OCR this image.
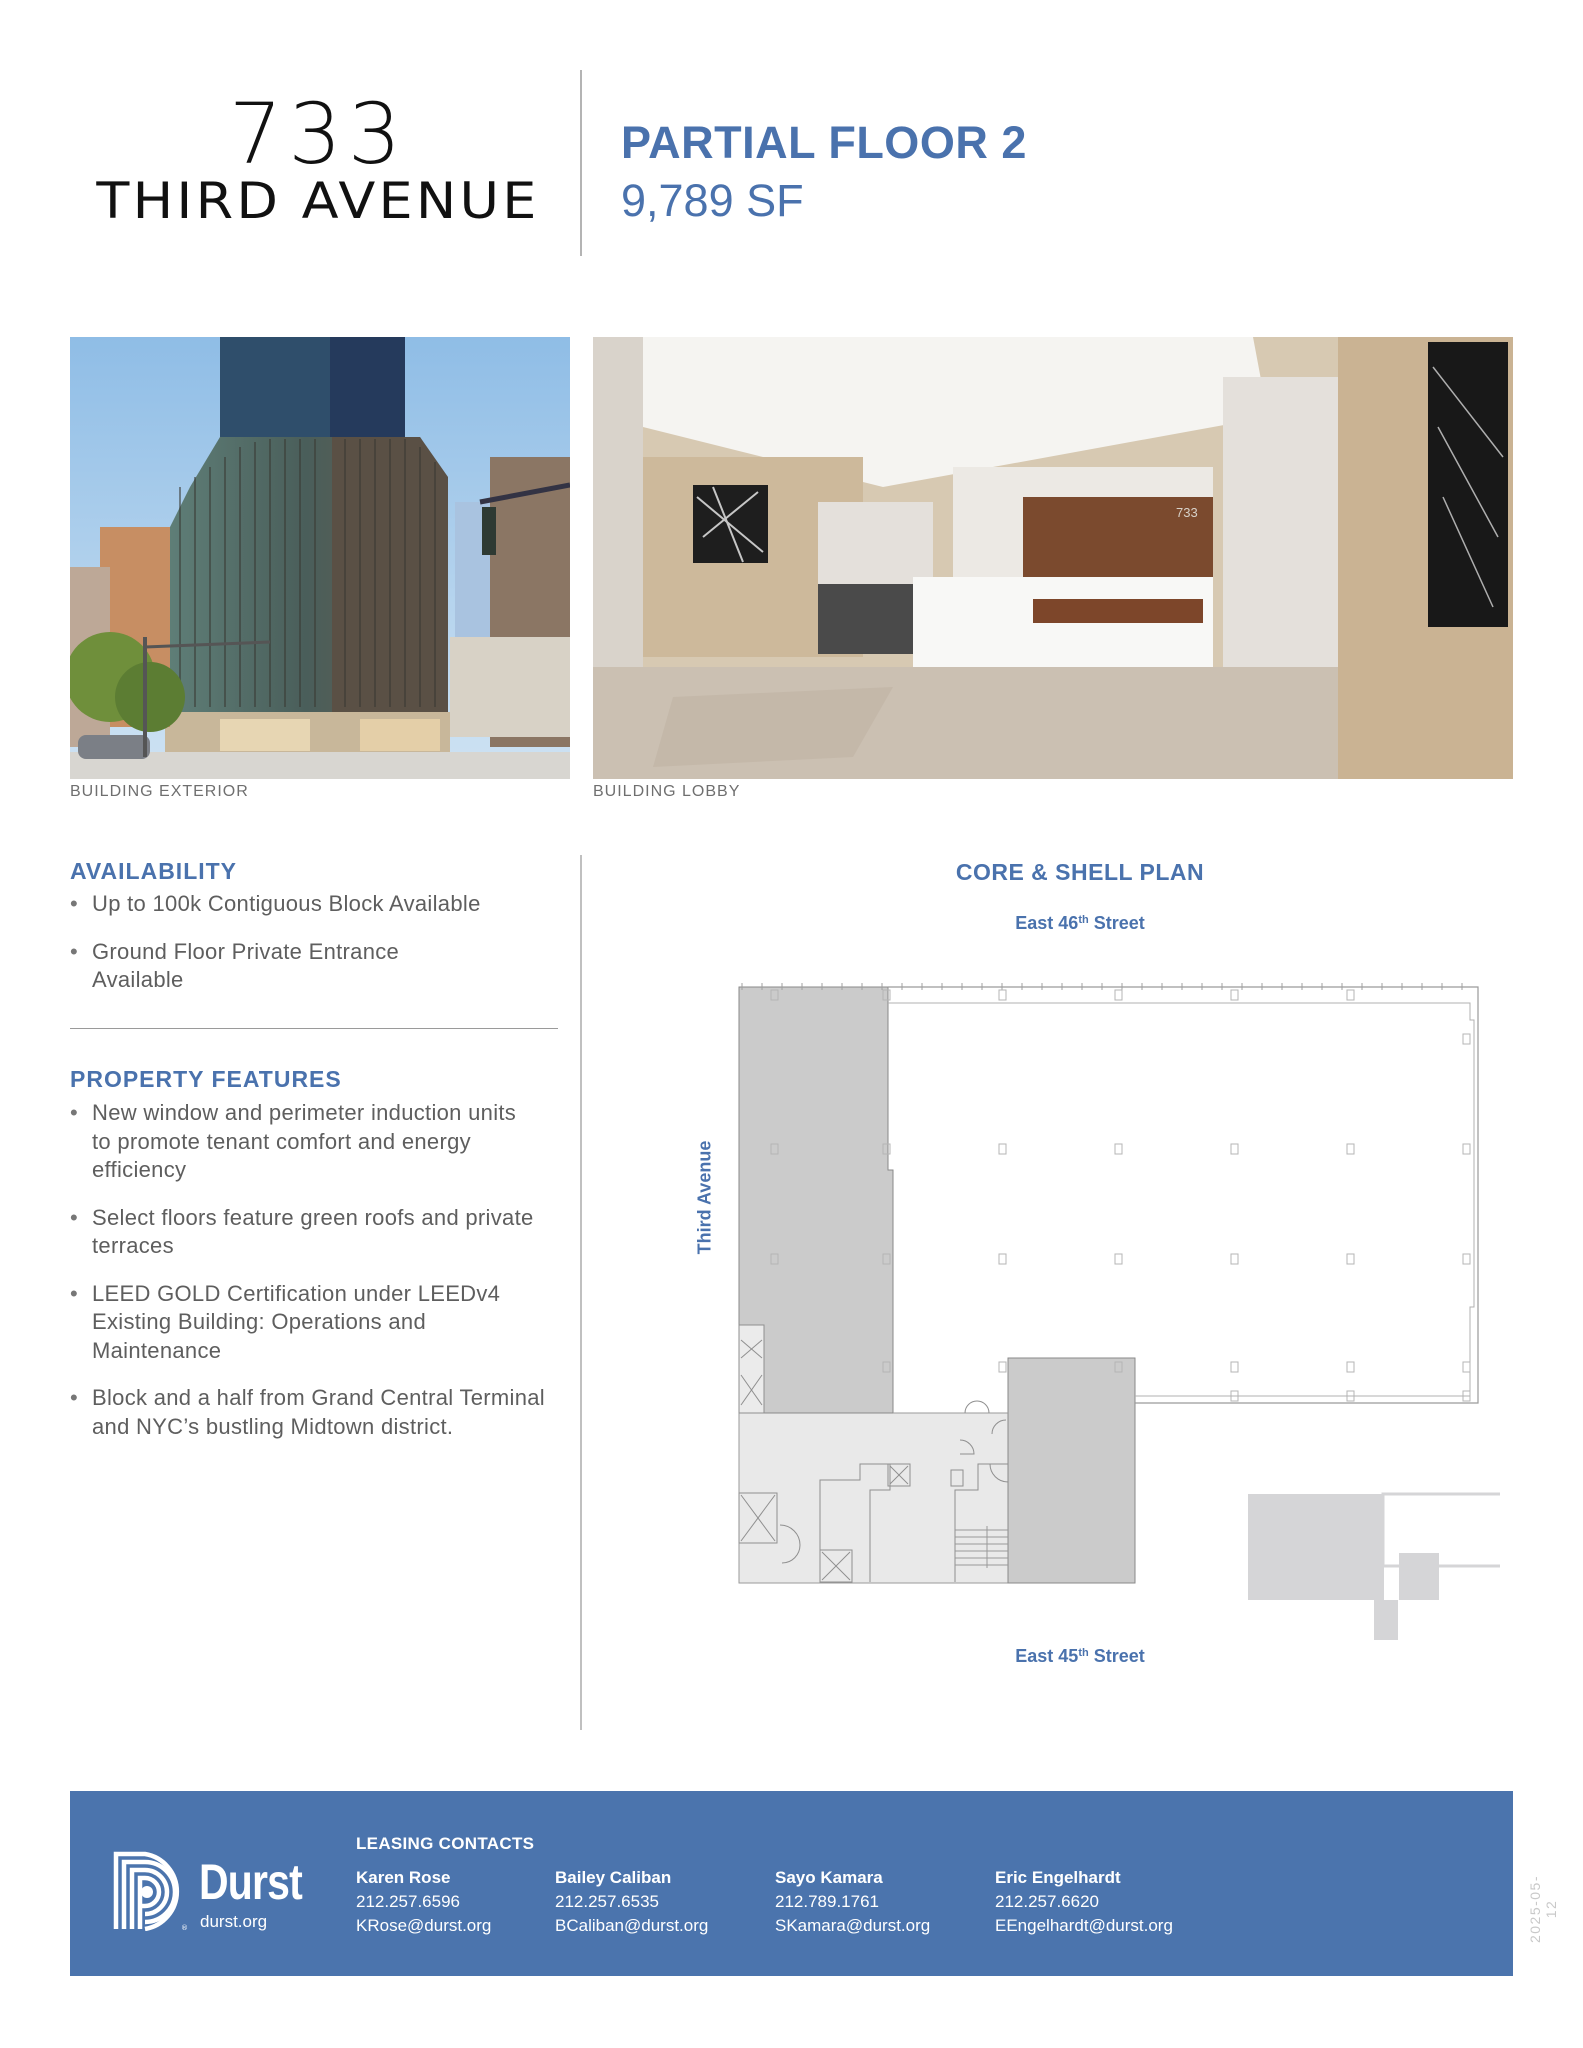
733
THIRD AVENUE
PARTIAL FLOOR 2
9,789 SF
BUILDING EXTERIOR
733
BUILDING LOBBY
AVAILABILITY
• Up to 100k Contiguous Block Available
• Ground Floor Private Entrance Available
PROPERTY FEATURES
• New window and perimeter induction units to promote tenant comfort and energy efficiency
• Select floors feature green roofs and private terraces
• LEED GOLD Certification under LEEDv4 Existing Building: Operations and Maintenance
• Block and a half from Grand Central Terminal and NYC’s bustling Midtown district.
CORE & SHELL PLAN
East 46th Street
Third Avenue
East 45th Street
®
Durst
durst.org
LEASING CONTACTS
Karen Rose
212.257.6596
KRose@durst.org
Bailey Caliban
212.257.6535
BCaliban@durst.org
Sayo Kamara
212.789.1761
SKamara@durst.org
Eric Engelhardt
212.257.6620
EEngelhardt@durst.org	2025-05-12
